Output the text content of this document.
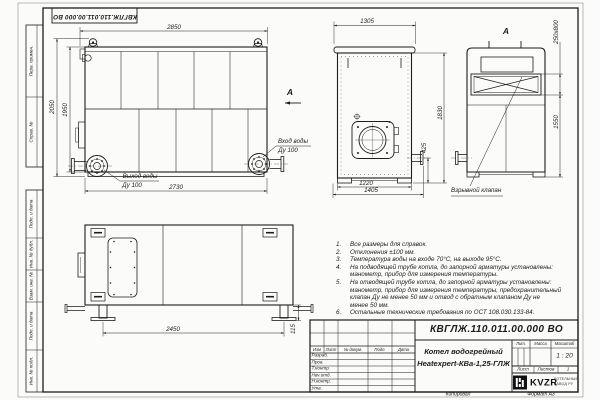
КВГЛЖ.110.011.00.000 ВО
Перв. примен.
Справ. №
Подп. и дата
Инв. № дубл.
Взам. инв. №
Подп. и дата
Инв. № подл.
2850
2050 1950
2730
Выход воды
Ду 100
Вход воды
Ду 100
А
1305
1830
425
1220
1405
А	250x800
1550
Взрывной клапан
2450	115
1.	Все размеры для справок.
2.	Отклонения ±100 мм.
3.	Температура воды на входе 70°С, на выходе 95°С.
4.	На подводящей трубе котла, до запорной арматуры установлены:
манометр, прибор для измерения температуры.
5.	На отводящей трубе котла, до запорной арматуры установлены:
манометр, прибор для измерения температуры, предохранительный
клапан Ду не менее 50 мм и отвод с обратным клапаном Ду не
менее 50 мм.
6.	Остальные технические требования по ОСТ 108.030.133-84.
КВГЛЖ.110.011.00.000 ВО
Котел водогрейный
Heatexpert-КВа-1,25-ГЛЖ
Изм Лист № докум.	Подп.	Дата
Разраб.
Пров.
Т.контр.
Нач.отд.
Н.контр.
Утв.
Лит. Масса Масштаб
1 : 20
Лист Листов	1
KVZR
КОТЕЛЬНЫЙ
ЗАВОД РУ
Копировал	Формат А3
